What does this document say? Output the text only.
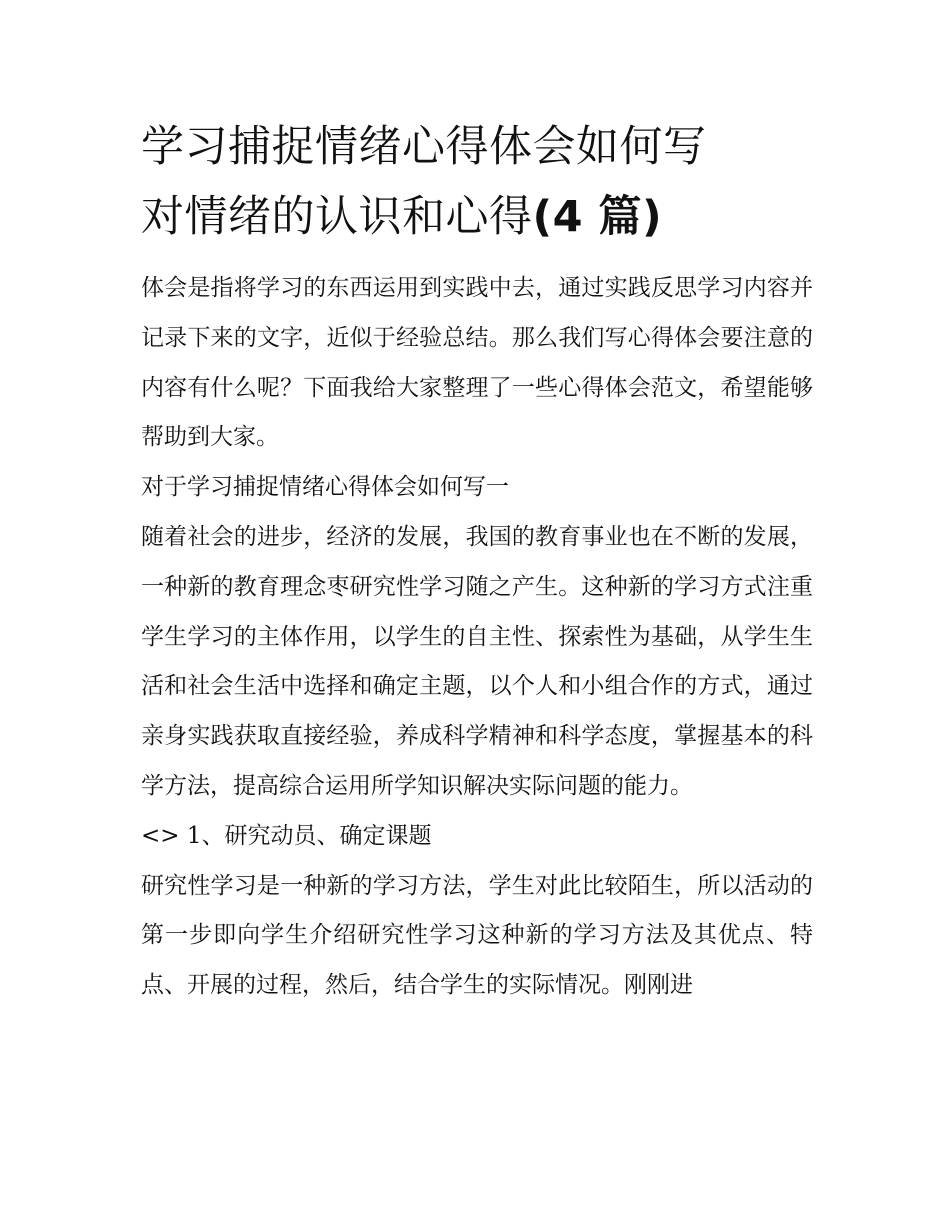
学习捕捉情绪心得体会如何写
对情绪的认识和心得(4 篇)

体会是指将学习的东西运用到实践中去，通过实践反思学习内容并记录下来的文字，近似于经验总结。那么我们写心得体会要注意的内容有什么呢？下面我给大家整理了一些心得体会范文，希望能够帮助到大家。

对于学习捕捉情绪心得体会如何写一

随着社会的进步，经济的发展，我国的教育事业也在不断的发展，一种新的教育理念枣研究性学习随之产生。这种新的学习方式注重学生学习的主体作用，以学生的自主性、探索性为基础，从学生生活和社会生活中选择和确定主题，以个人和小组合作的方式，通过亲身实践获取直接经验，养成科学精神和科学态度，掌握基本的科学方法，提高综合运用所学知识解决实际问题的能力。

<> 1、研究动员、确定课题

研究性学习是一种新的学习方法，学生对此比较陌生，所以活动的第一步即向学生介绍研究性学习这种新的学习方法及其优点、特点、开展的过程，然后，结合学生的实际情况。刚刚进
